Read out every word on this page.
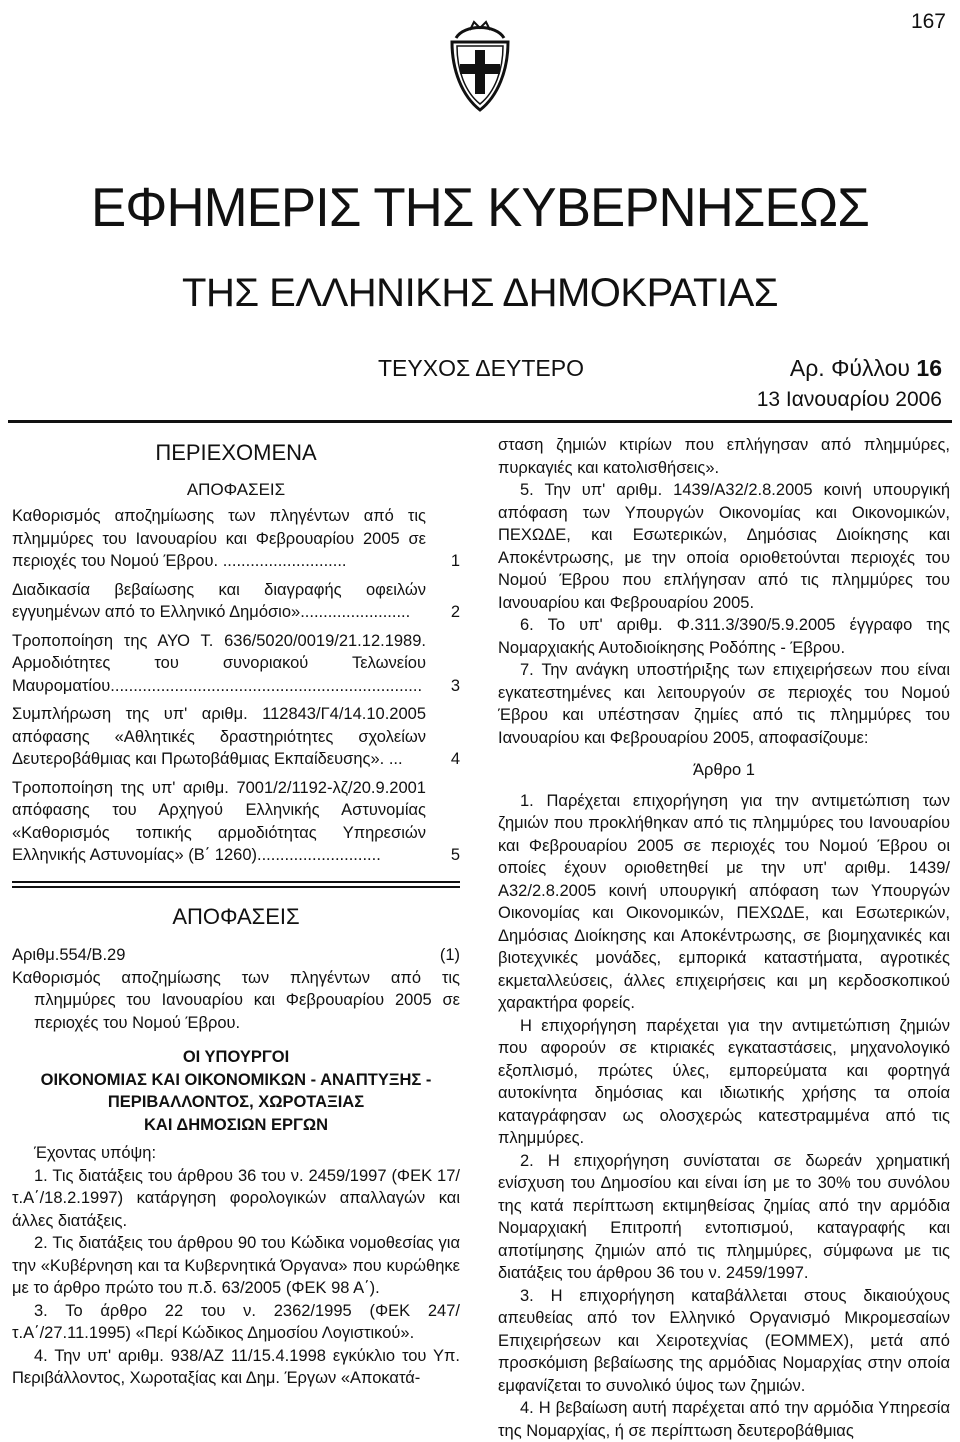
167
ΕΦΗΜΕΡΙΣ ΤΗΣ ΚΥΒΕΡΝΗΣΕΩΣ
ΤΗΣ ΕΛΛΗΝΙΚΗΣ ΔΗΜΟΚΡΑΤΙΑΣ
ΤΕΥΧΟΣ ΔΕΥΤΕΡΟ	Αρ. Φύλλου 16
13 Ιανουαρίου 2006
ΠΕΡΙΕΧΟΜΕΝΑ
ΑΠΟΦΑΣΕΙΣ
Καθορισμός αποζημίωσης των πληγέντων από τις πλημμύρες του Ιανουαρίου και Φεβρουαρίου 2005 σε περιοχές του Νομού Έβρου. ...........................	1
Διαδικασία βεβαίωσης και διαγραφής οφειλών εγγυημένων από το Ελληνικό Δημόσιο»........................	2
Τροποποίηση της ΑΥΟ Τ. 636/5020/0019/21.12.1989. Αρμοδιότητες του συνοριακού Τελωνείου Μαυροματίου....................................................................	3
Συμπλήρωση της υπ' αριθμ. 112843/Γ4/14.10.2005 απόφασης «Αθλητικές δραστηριότητες σχολείων Δευτεροβάθμιας και Πρωτοβάθμιας Εκπαίδευσης». ...	4
Τροποποίηση της υπ' αριθμ. 7001/2/1192-λζ/20.9.2001 απόφασης του Αρχηγού Ελληνικής Αστυνομίας «Καθορισμός τοπικής αρμοδιότητας Υπηρεσιών Ελληνικής Αστυνομίας» (Β΄ 1260)...........................	5
ΑΠΟΦΑΣΕΙΣ
Αριθμ.554/Β.29	(1)

Καθορισμός αποζημίωσης των πληγέντων από τις πλημμύρες του Ιανουαρίου και Φεβρουαρίου 2005 σε περιοχές του Νομού Έβρου.

ΟΙ ΥΠΟΥΡΓΟΙ
ΟΙΚΟΝΟΜΙΑΣ ΚΑΙ ΟΙΚΟΝΟΜΙΚΩΝ - ΑΝΑΠΤΥΞΗΣ -
ΠΕΡΙΒΑΛΛΟΝΤΟΣ, ΧΩΡΟΤΑΞΙΑΣ
ΚΑΙ ΔΗΜΟΣΙΩΝ ΕΡΓΩΝ

Έχοντας υπόψη:

1. Τις διατάξεις του άρθρου 36 του ν. 2459/1997 (ΦΕΚ 17/τ.Α΄/18.2.1997) κατάργηση φορολογικών απαλλαγών και άλλες διατάξεις.

2. Τις διατάξεις του άρθρου 90 του Κώδικα νομοθεσίας για την «Κυβέρνηση και τα Κυβερνητικά Όργανα» που κυρώθηκε με το άρθρο πρώτο του π.δ. 63/2005 (ΦΕΚ 98 Α΄).

3. Το άρθρο 22 του ν. 2362/1995 (ΦΕΚ 247/τ.Α΄/27.11.1995) «Περί Κώδικος Δημοσίου Λογιστικού».

4. Την υπ' αριθμ. 938/ΑΖ 11/15.4.1998 εγκύκλιο του Υπ. Περιβάλλοντος, Χωροταξίας και Δημ. Έργων «Αποκατά-

σταση ζημιών κτιρίων που επλήγησαν από πλημμύρες, πυρκαγιές και κατολισθήσεις».

5. Την υπ' αριθμ. 1439/Α32/2.8.2005 κοινή υπουργική απόφαση των Υπουργών Οικονομίας και Οικονομικών, ΠΕΧΩΔΕ, και Εσωτερικών, Δημόσιας Διοίκησης και Αποκέντρωσης, με την οποία οριοθετούνται περιοχές του Νομού Έβρου που επλήγησαν από τις πλημμύρες του Ιανουαρίου και Φεβρουαρίου 2005.

6. Το υπ' αριθμ. Φ.311.3/390/5.9.2005 έγγραφο της Νομαρχιακής Αυτοδιοίκησης Ροδόπης - Έβρου.

7. Την ανάγκη υποστήριξης των επιχειρήσεων που είναι εγκατεστημένες και λειτουργούν σε περιοχές του Νομού Έβρου και υπέστησαν ζημίες από τις πλημμύρες του Ιανουαρίου και Φεβρουαρίου 2005, αποφασίζουμε:

Άρθρο 1

1. Παρέχεται επιχορήγηση για την αντιμετώπιση των ζημιών που προκλήθηκαν από τις πλημμύρες του Ιανουαρίου και Φεβρουαρίου 2005 σε περιοχές του Νομού Έβρου οι οποίες έχουν οριοθετηθεί με την υπ' αριθμ. 1439/Α32/2.8.2005 κοινή υπουργική απόφαση των Υπουργών Οικονομίας και Οικονομικών, ΠΕΧΩΔΕ, και Εσωτερικών, Δημόσιας Διοίκησης και Αποκέντρωσης, σε βιομηχανικές και βιοτεχνικές μονάδες, εμπορικά καταστήματα, αγροτικές εκμεταλλεύσεις, άλλες επιχειρήσεις και μη κερδοσκοπικού χαρακτήρα φορείς.

Η επιχορήγηση παρέχεται για την αντιμετώπιση ζημιών που αφορούν σε κτιριακές εγκαταστάσεις, μηχανολογικό εξοπλισμό, πρώτες ύλες, εμπορεύματα και φορτηγά αυτοκίνητα δημόσιας και ιδιωτικής χρήσης τα οποία καταγράφησαν ως ολοσχερώς κατεστραμμένα από τις πλημμύρες.

2. Η επιχορήγηση συνίσταται σε δωρεάν χρηματική ενίσχυση του Δημοσίου και είναι ίση με το 30% του συνόλου της κατά περίπτωση εκτιμηθείσας ζημίας από την αρμόδια Νομαρχιακή Επιτροπή εντοπισμού, καταγραφής και αποτίμησης ζημιών από τις πλημμύρες, σύμφωνα με τις διατάξεις του άρθρου 36 του ν. 2459/1997.

3. Η επιχορήγηση καταβάλλεται στους δικαιούχους απευθείας από τον Ελληνικό Οργανισμό Μικρομεσαίων Επιχειρήσεων και Χειροτεχνίας (ΕΟΜΜΕΧ), μετά από προσκόμιση βεβαίωσης της αρμόδιας Νομαρχίας στην οποία εμφανίζεται το συνολικό ύψος των ζημιών.

4. Η βεβαίωση αυτή παρέχεται από την αρμόδια Υπηρεσία της Νομαρχίας, ή σε περίπτωση δευτεροβάθμιας
